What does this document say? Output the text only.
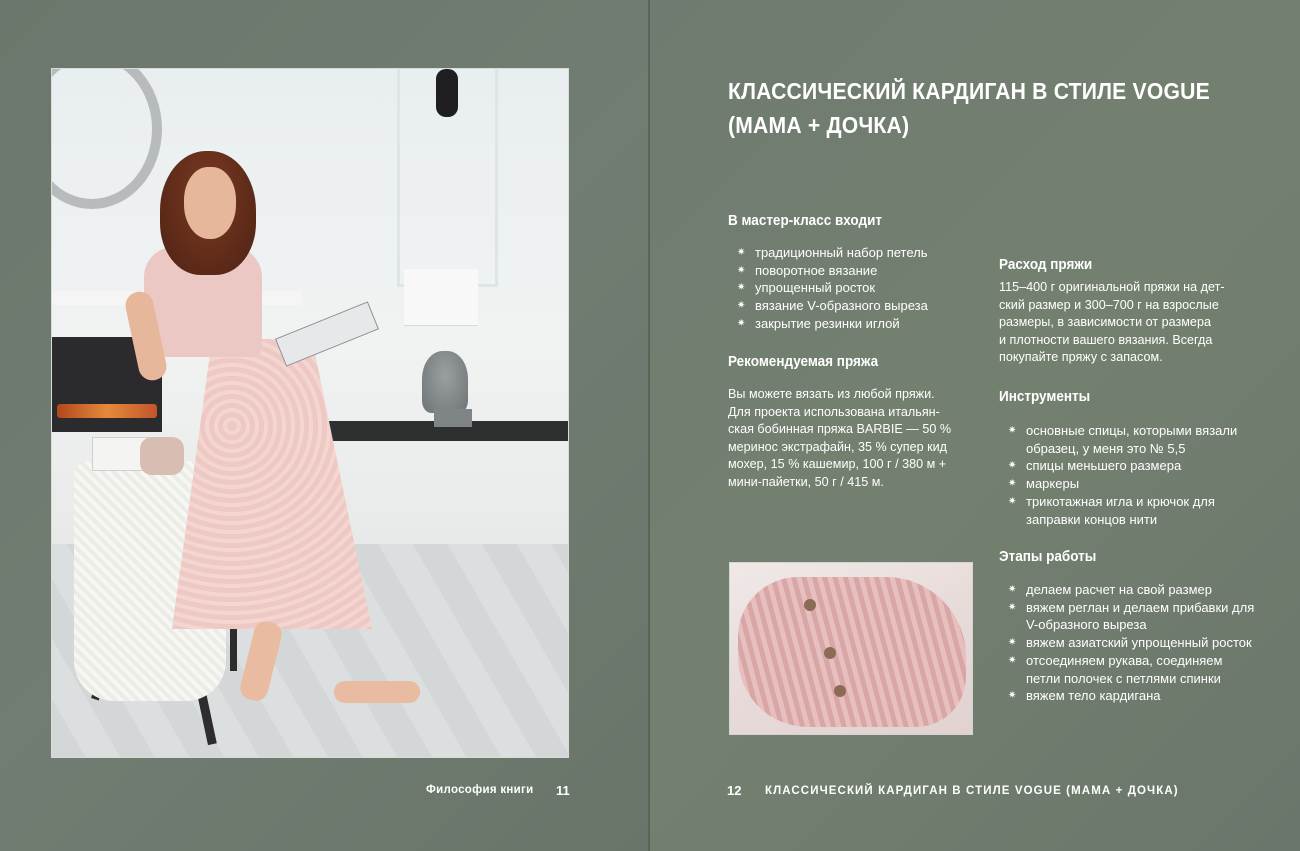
Философия книги 11
КЛАССИЧЕСКИЙ КАРДИГАН В СТИЛЕ VOGUE
(МАМА + ДОЧКА)
В мастер-класс входит
✷ традиционный набор петель
✷ поворотное вязание
✷ упрощенный росток
✷ вязание V-образного выреза
✷ закрытие резинки иглой
Рекомендуемая пряжа
Вы можете вязать из любой пряжи.
Для проекта использована итальян-
ская бобинная пряжа BARBIE — 50 %
меринос экстрафайн, 35 % супер кид
мохер, 15 % кашемир, 100 г / 380 м +
мини-пайетки, 50 г / 415 м.
Расход пряжи
115–400 г оригинальной пряжи на дет-
ский размер и 300–700 г на взрослые
размеры, в зависимости от размера
и плотности вашего вязания. Всегда
покупайте пряжу с запасом.
Инструменты
✷ основные спицы, которыми вязали образец, у меня это № 5,5
✷ спицы меньшего размера
✷ маркеры
✷ трикотажная игла и крючок для заправки концов нити
Этапы работы
✷ делаем расчет на свой размер
✷ вяжем реглан и делаем прибавки для V-образного выреза
✷ вяжем азиатский упрощенный росток
✷ отсоединяем рукава, соединяем петли полочек с петлями спинки
✷ вяжем тело кардигана
12 КЛАССИЧЕСКИЙ КАРДИГАН В СТИЛЕ VOGUE (МАМА + ДОЧКА)
